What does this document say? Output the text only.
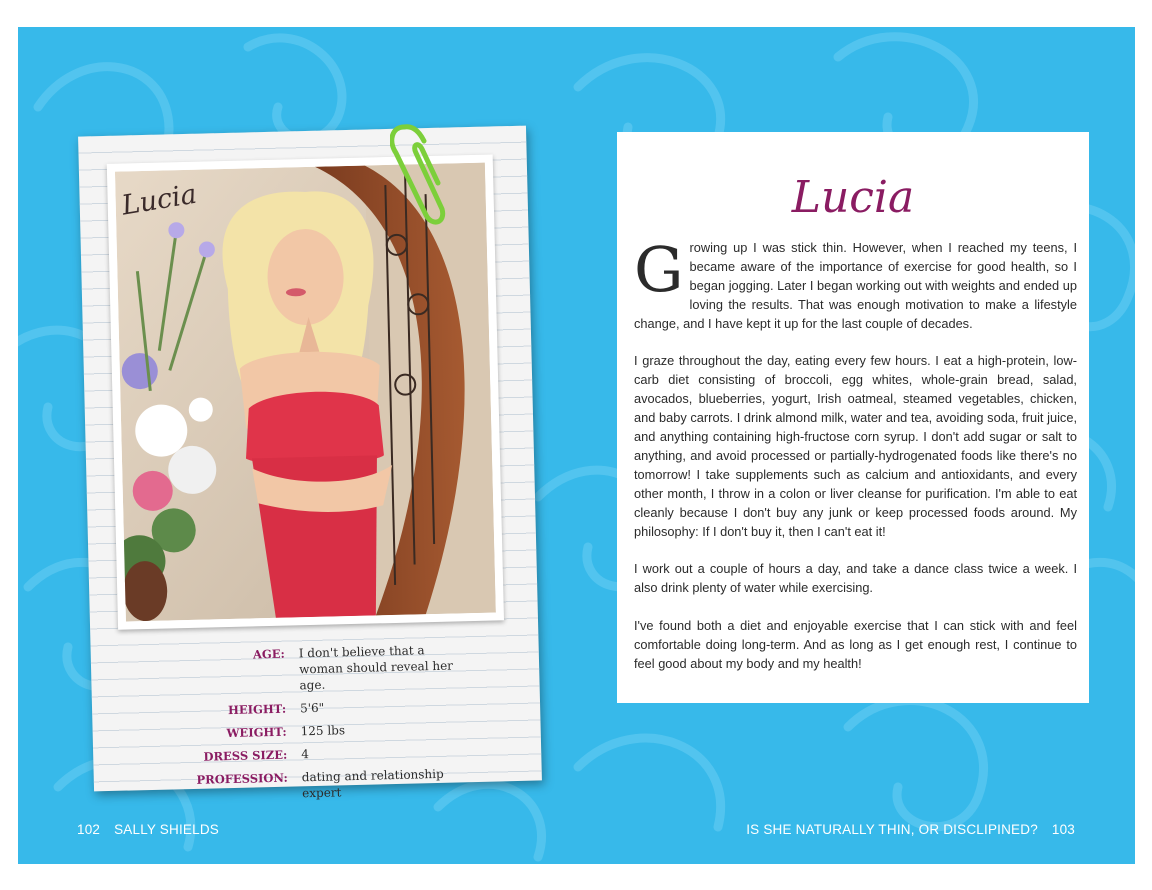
Lucia
AGE:	I don't believe that a woman should reveal her age.
HEIGHT:	5'6"
WEIGHT:	125 lbs
DRESS SIZE:	4
PROFESSION:	dating and relationship expert
Lucia

Growing up I was stick thin. However, when I reached my teens, I became aware of the importance of exercise for good health, so I began jogging. Later I began working out with weights and ended up loving the results. That was enough motivation to make a lifestyle change, and I have kept it up for the last couple of decades.

I graze throughout the day, eating every few hours. I eat a high-protein, low-carb diet consisting of broccoli, egg whites, whole-grain bread, salad, avocados, blueberries, yogurt, Irish oatmeal, steamed vegetables, chicken, and baby carrots. I drink almond milk, water and tea, avoiding soda, fruit juice, and anything containing high-fructose corn syrup. I don't add sugar or salt to anything, and avoid processed or partially-hydrogenated foods like there's no tomorrow! I take supplements such as calcium and antioxidants, and every other month, I throw in a colon or liver cleanse for purification. I'm able to eat cleanly because I don't buy any junk or keep processed foods around. My philosophy: If I don't buy it, then I can't eat it!

I work out a couple of hours a day, and take a dance class twice a week. I also drink plenty of water while exercising.

I've found both a diet and enjoyable exercise that I can stick with and feel comfortable doing long-term. And as long as I get enough rest, I continue to feel good about my body and my health!

102 SALLY SHIELDS	IS SHE NATURALLY THIN, OR DISCLIPINED? 103
